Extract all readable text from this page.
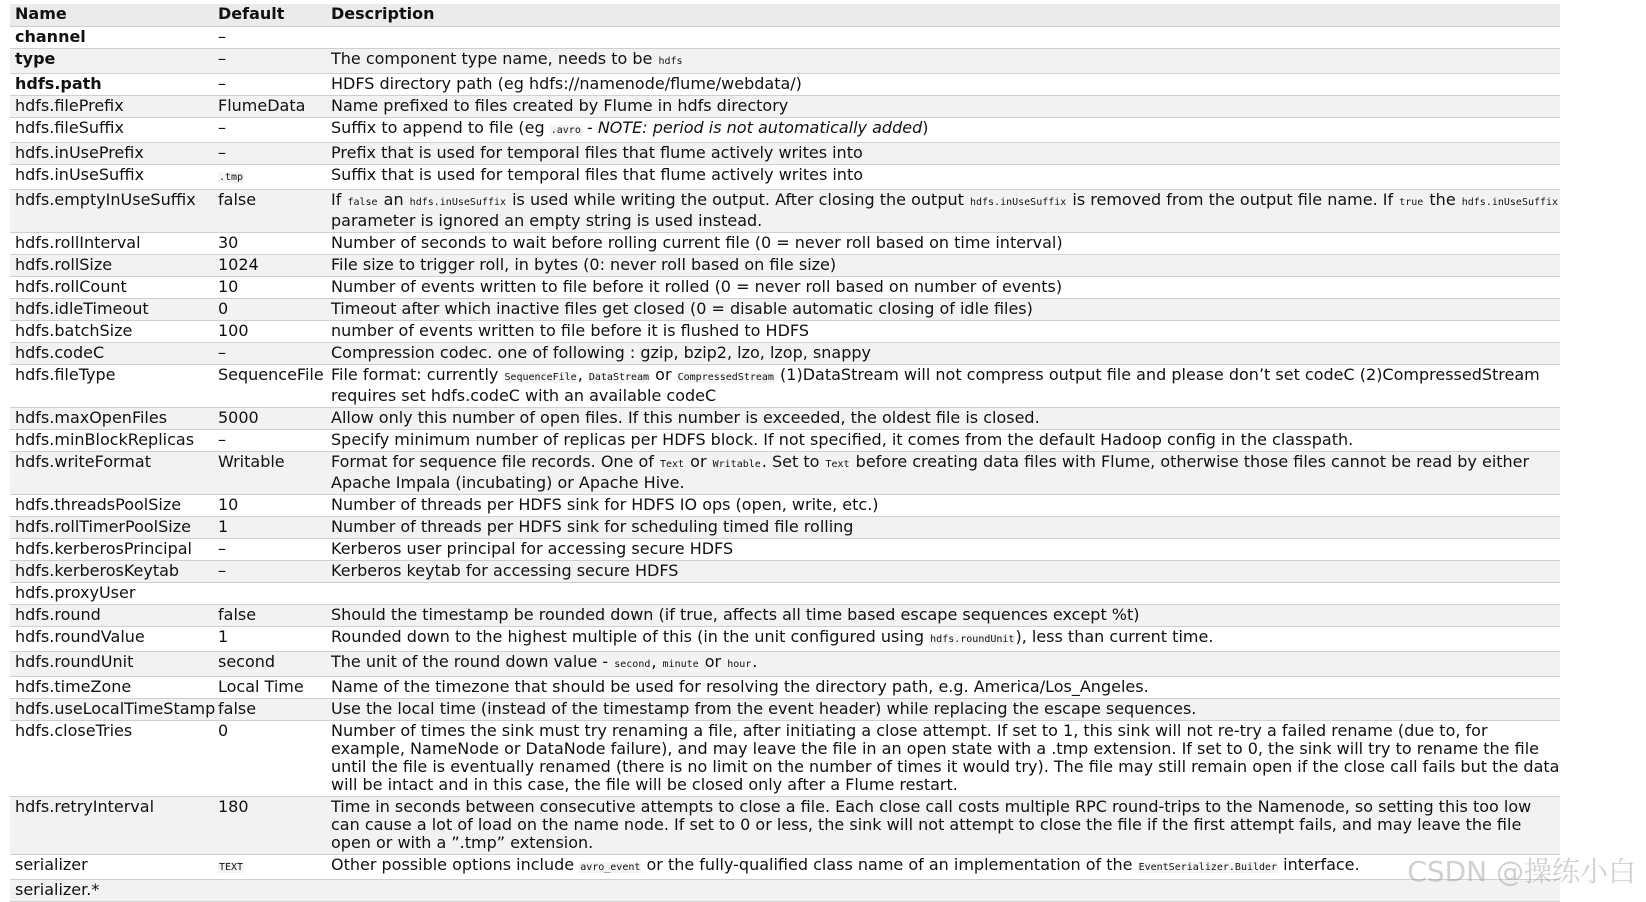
Name	Default	Description
channel	–	
type	–	The component type name, needs to be hdfs
hdfs.path	–	HDFS directory path (eg hdfs://namenode/flume/webdata/)
hdfs.filePrefix	FlumeData	Name prefixed to files created by Flume in hdfs directory
hdfs.fileSuffix	–	Suffix to append to file (eg .avro - NOTE: period is not automatically added)
hdfs.inUsePrefix	–	Prefix that is used for temporal files that flume actively writes into
hdfs.inUseSuffix	.tmp	Suffix that is used for temporal files that flume actively writes into
hdfs.emptyInUseSuffix	false	If false an hdfs.inUseSuffix is used while writing the output. After closing the output hdfs.inUseSuffix is removed from the output file name. If true the hdfs.inUseSuffix parameter is ignored an empty string is used instead.
hdfs.rollInterval	30	Number of seconds to wait before rolling current file (0 = never roll based on time interval)
hdfs.rollSize	1024	File size to trigger roll, in bytes (0: never roll based on file size)
hdfs.rollCount	10	Number of events written to file before it rolled (0 = never roll based on number of events)
hdfs.idleTimeout	0	Timeout after which inactive files get closed (0 = disable automatic closing of idle files)
hdfs.batchSize	100	number of events written to file before it is flushed to HDFS
hdfs.codeC	–	Compression codec. one of following : gzip, bzip2, lzo, lzop, snappy
hdfs.fileType	SequenceFile	File format: currently SequenceFile, DataStream or CompressedStream (1)DataStream will not compress output file and please don’t set codeC (2)CompressedStream requires set hdfs.codeC with an available codeC
hdfs.maxOpenFiles	5000	Allow only this number of open files. If this number is exceeded, the oldest file is closed.
hdfs.minBlockReplicas	–	Specify minimum number of replicas per HDFS block. If not specified, it comes from the default Hadoop config in the classpath.
hdfs.writeFormat	Writable	Format for sequence file records. One of Text or Writable. Set to Text before creating data files with Flume, otherwise those files cannot be read by either Apache Impala (incubating) or Apache Hive.
hdfs.threadsPoolSize	10	Number of threads per HDFS sink for HDFS IO ops (open, write, etc.)
hdfs.rollTimerPoolSize	1	Number of threads per HDFS sink for scheduling timed file rolling
hdfs.kerberosPrincipal	–	Kerberos user principal for accessing secure HDFS
hdfs.kerberosKeytab	–	Kerberos keytab for accessing secure HDFS
hdfs.proxyUser		
hdfs.round	false	Should the timestamp be rounded down (if true, affects all time based escape sequences except %t)
hdfs.roundValue	1	Rounded down to the highest multiple of this (in the unit configured using hdfs.roundUnit), less than current time.
hdfs.roundUnit	second	The unit of the round down value - second, minute or hour.
hdfs.timeZone	Local Time	Name of the timezone that should be used for resolving the directory path, e.g. America/Los_Angeles.
hdfs.useLocalTimeStamp	false	Use the local time (instead of the timestamp from the event header) while replacing the escape sequences.
hdfs.closeTries	0	Number of times the sink must try renaming a file, after initiating a close attempt. If set to 1, this sink will not re-try a failed rename (due to, for example, NameNode or DataNode failure), and may leave the file in an open state with a .tmp extension. If set to 0, the sink will try to rename the file until the file is eventually renamed (there is no limit on the number of times it would try). The file may still remain open if the close call fails but the data will be intact and in this case, the file will be closed only after a Flume restart.
hdfs.retryInterval	180	Time in seconds between consecutive attempts to close a file. Each close call costs multiple RPC round-trips to the Namenode, so setting this too low can cause a lot of load on the name node. If set to 0 or less, the sink will not attempt to close the file if the first attempt fails, and may leave the file open or with a ”.tmp” extension.
serializer	TEXT	Other possible options include avro_event or the fully-qualified class name of an implementation of the EventSerializer.Builder interface.
serializer.*		
CSDN @操练小白
